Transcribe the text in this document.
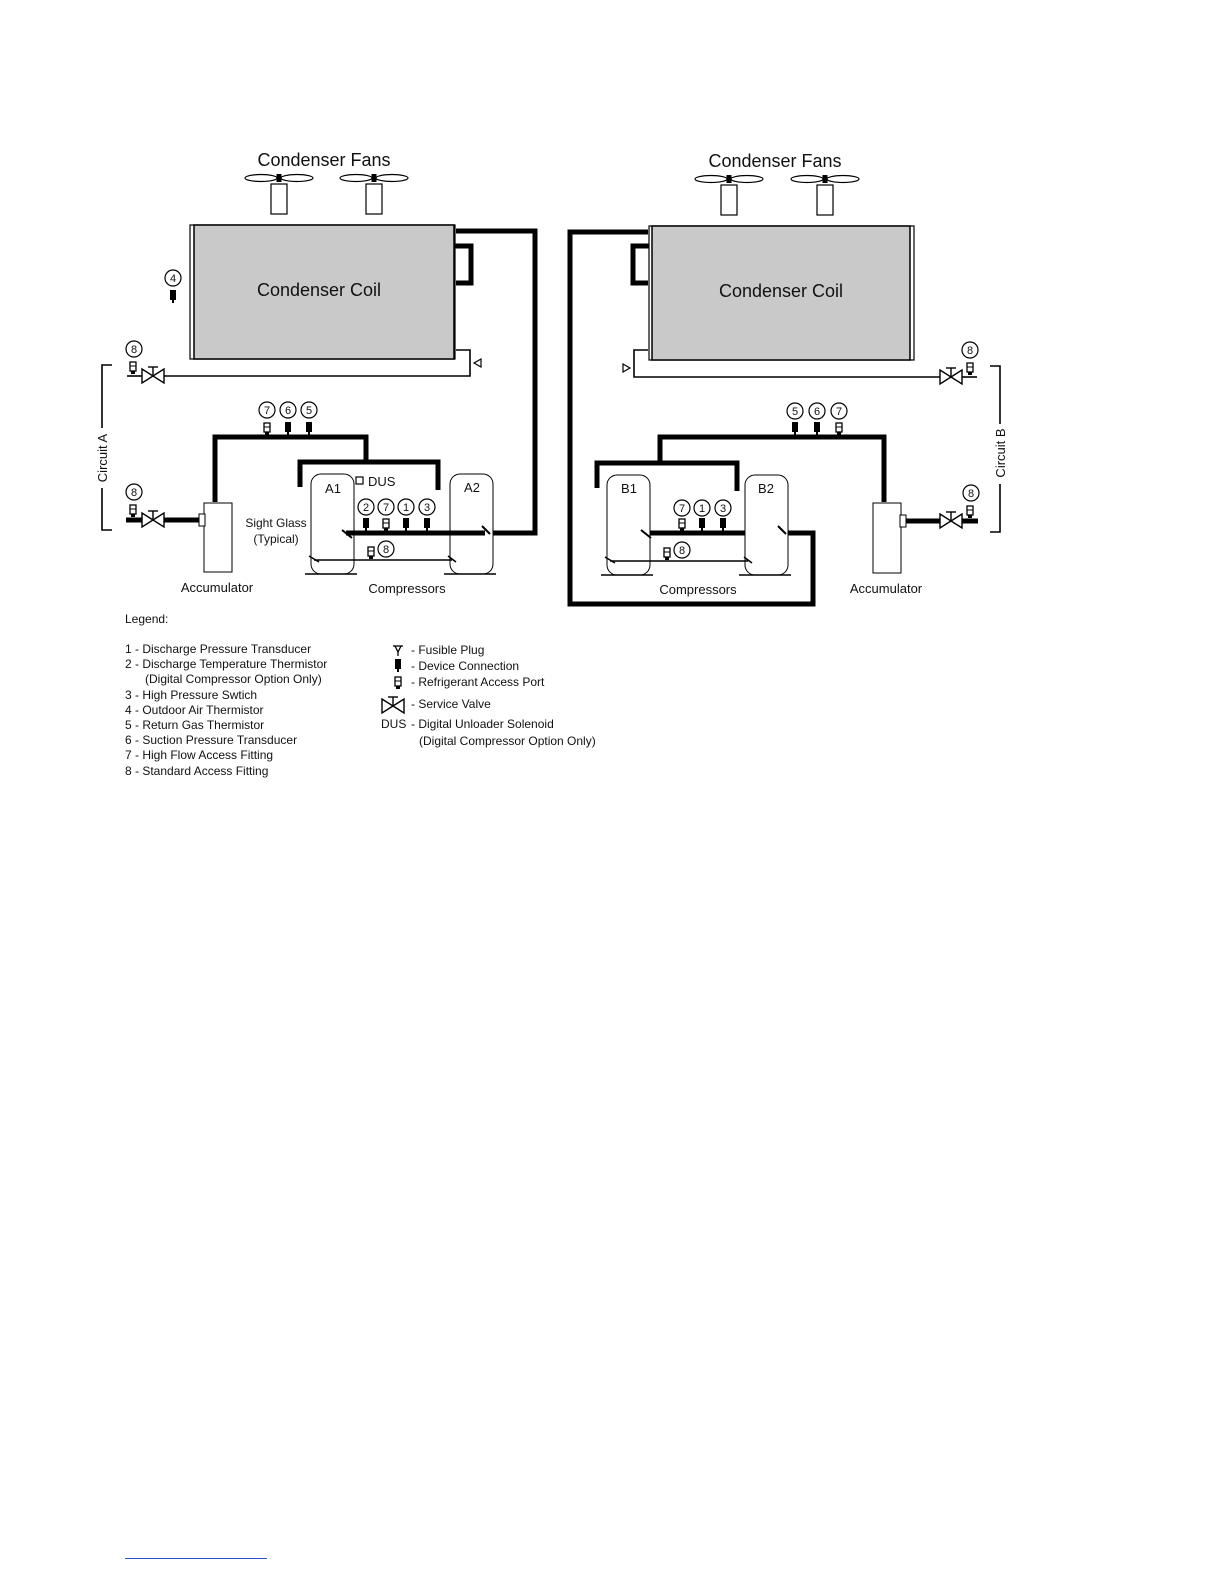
Condenser Fans
Condenser Coil
4
8
Circuit A
7 6 5
8
Accumulator
A1	A2
DUS
2 7 1 3
8
Sight Glass
(Typical)
Compressors
Condenser Fans
Condenser Coil
8
Circuit B
5 6 7
8
Accumulator
B1	B2
7 1 3
8
Compressors
Legend:
1 - Discharge Pressure Transducer
2 - Discharge Temperature Thermistor
(Digital Compressor Option Only)
3 - High Pressure Swtich
4 - Outdoor Air Thermistor
5 - Return Gas Thermistor
6 - Suction Pressure Transducer
7 - High Flow Access Fitting
8 - Standard Access Fitting
- Fusible Plug
- Device Connection
- Refrigerant Access Port
- Service Valve
DUS - Digital Unloader Solenoid
(Digital Compressor Option Only)
